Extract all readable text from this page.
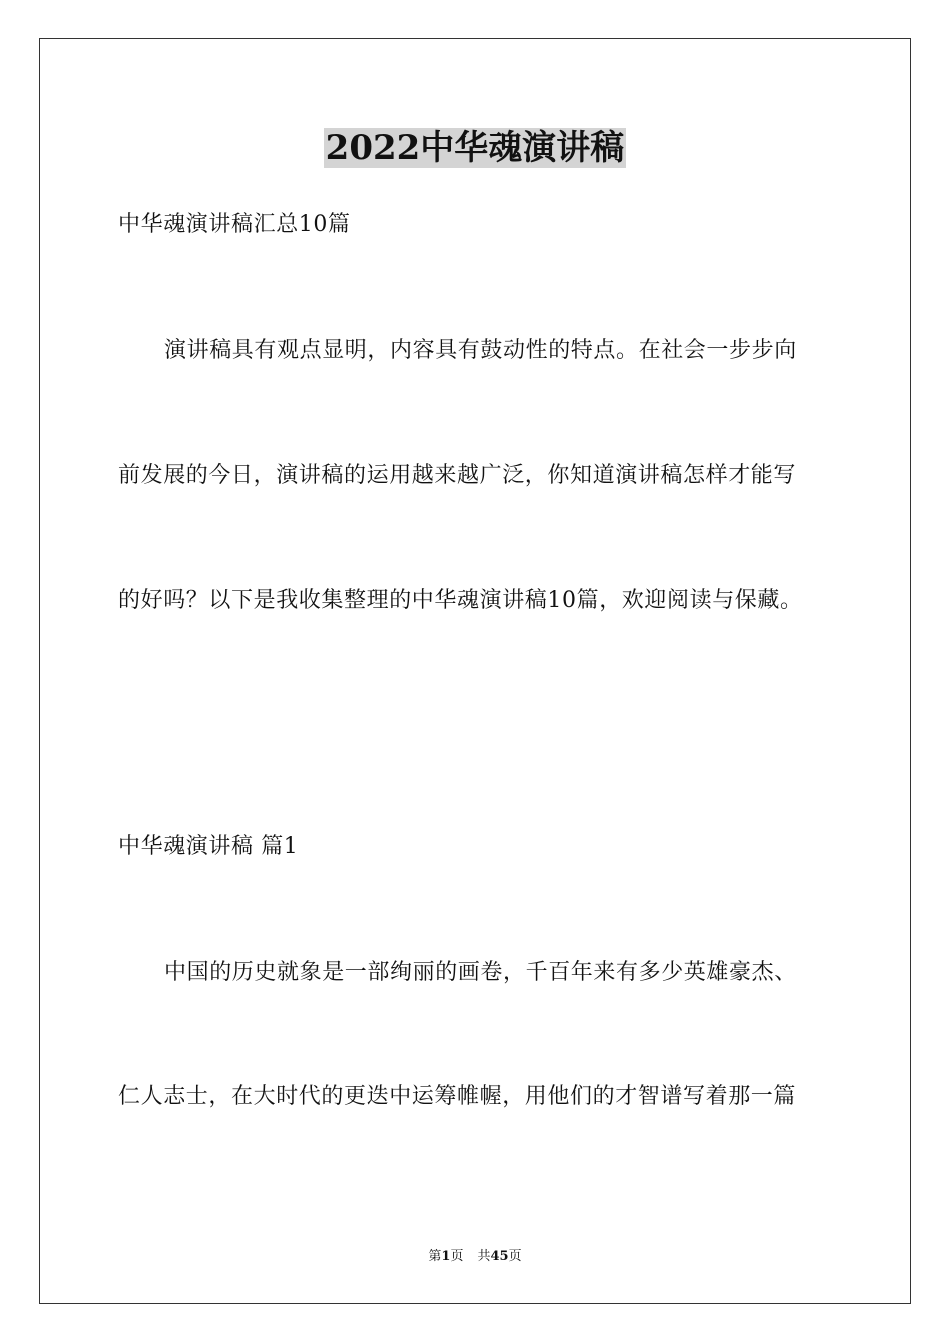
2022中华魂演讲稿
中华魂演讲稿汇总10篇
演讲稿具有观点显明，内容具有鼓动性的特点。在社会一步步向
前发展的今日，演讲稿的运用越来越广泛，你知道演讲稿怎样才能写
的好吗？以下是我收集整理的中华魂演讲稿10篇，欢迎阅读与保藏。
中华魂演讲稿 篇1
中国的历史就象是一部绚丽的画卷，千百年来有多少英雄豪杰、
仁人志士，在大时代的更迭中运筹帷幄，用他们的才智谱写着那一篇
第1页 共45页
